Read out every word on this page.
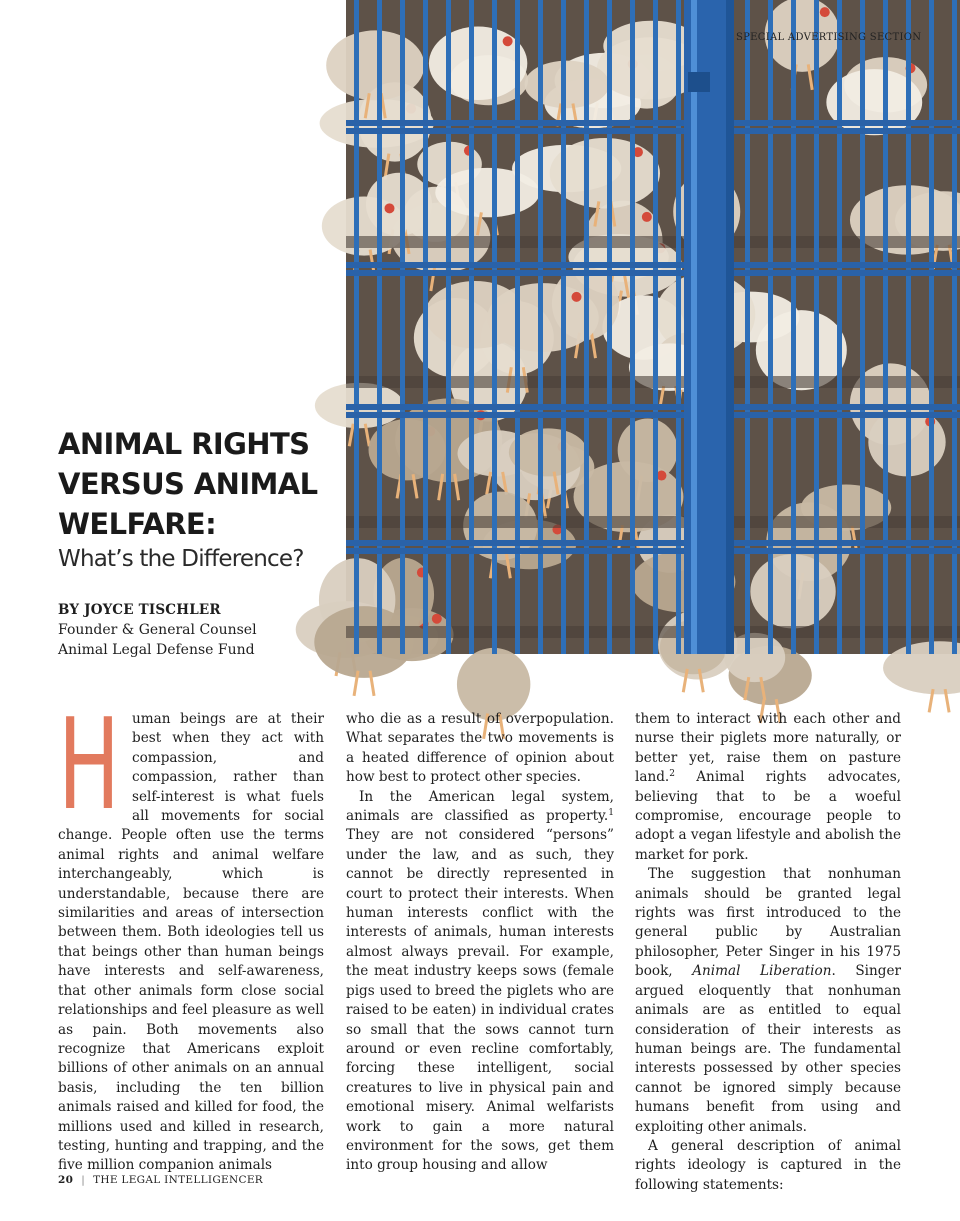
SPECIAL ADVERTISING SECTION

ANIMAL RIGHTS VERSUS ANIMAL WELFARE:
What’s the Difference?
BY JOYCE TISCHLER
Founder & General Counsel
Animal Legal Defense Fund

H uman beings are at their best when they act with compassion, and compassion, rather than self-interest is what fuels all movements for social change. People often use the terms animal rights and animal welfare interchangeably, which is understandable, because there are similarities and areas of intersection between them. Both ideologies tell us that beings other than human beings have interests and self-awareness, that other animals form close social relationships and feel pleasure as well as pain. Both movements also recognize that Americans exploit billions of other animals on an annual basis, including the ten billion animals raised and killed for food, the millions used and killed in research, testing, hunting and trapping, and the five million companion animals

who die as a result of overpopulation. What separates the two movements is a heated difference of opinion about how best to protect other species.

In the American legal system, animals are classified as property.$^1$ They are not considered “persons” under the law, and as such, they cannot be directly represented in court to protect their interests. When human interests conflict with the interests of animals, human interests almost always prevail. For example, the meat industry keeps sows (female pigs used to breed the piglets who are raised to be eaten) in individual crates so small that the sows cannot turn around or even recline comfortably, forcing these intelligent, social creatures to live in physical pain and emotional misery. Animal welfarists work to gain a more natural environment for the sows, get them into group housing and allow

them to interact with each other and nurse their piglets more naturally, or better yet, raise them on pasture land.$^2$ Animal rights advocates, believing that to be a woeful compromise, encourage people to adopt a vegan lifestyle and abolish the market for pork.

The suggestion that nonhuman animals should be granted legal rights was first introduced to the general public by Australian philosopher, Peter Singer in his 1975 book, Animal Liberation. Singer argued eloquently that nonhuman animals are as entitled to equal consideration of their interests as human beings are. The fundamental interests possessed by other species cannot be ignored simply because humans benefit from using and exploiting other animals.

A general description of animal rights ideology is captured in the following statements:

20 | THE LEGAL INTELLIGENCER
